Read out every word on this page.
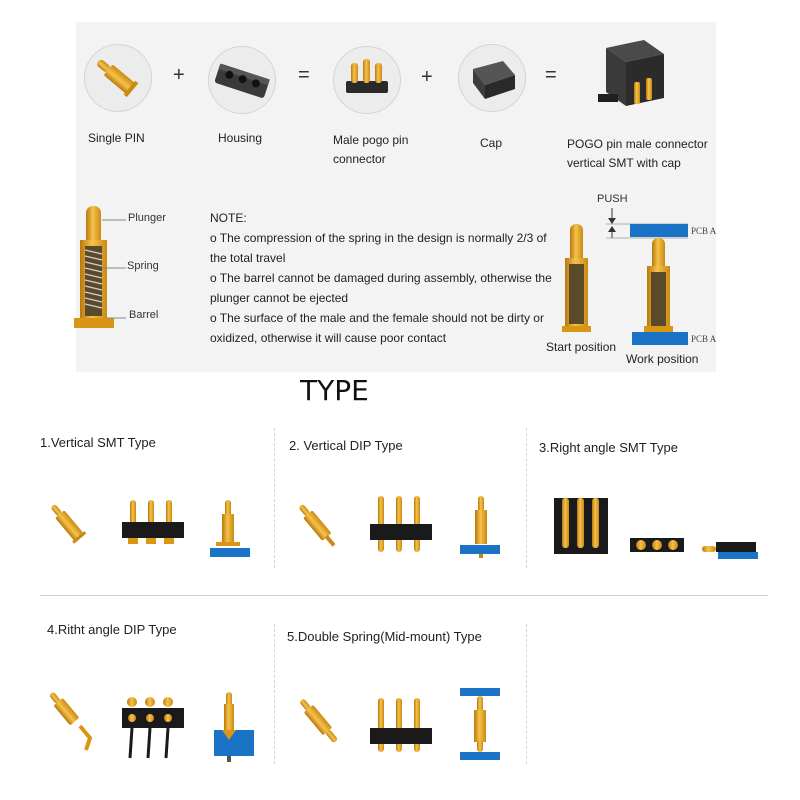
+	=	+	=
Single PIN	Housing	Male pogo pin
connector
Cap	POGO pin male connector
vertical SMT with cap
Plunger
Spring
Barrel
NOTE:
o The compression of the spring in the design is normally 2/3 of
the total travel
o The barrel cannot be damaged during assembly, otherwise the
plunger cannot be ejected
o The surface of the male and the female should not be dirty or
oxidized, otherwise it will cause poor contact
PUSH
PCB A
PCB A
Start position
Work position
TYPE
1.Vertical SMT Type	2. Vertical DIP Type	3.Right angle SMT Type
4.Ritht angle DIP Type	5.Double Spring(Mid-mount) Type
